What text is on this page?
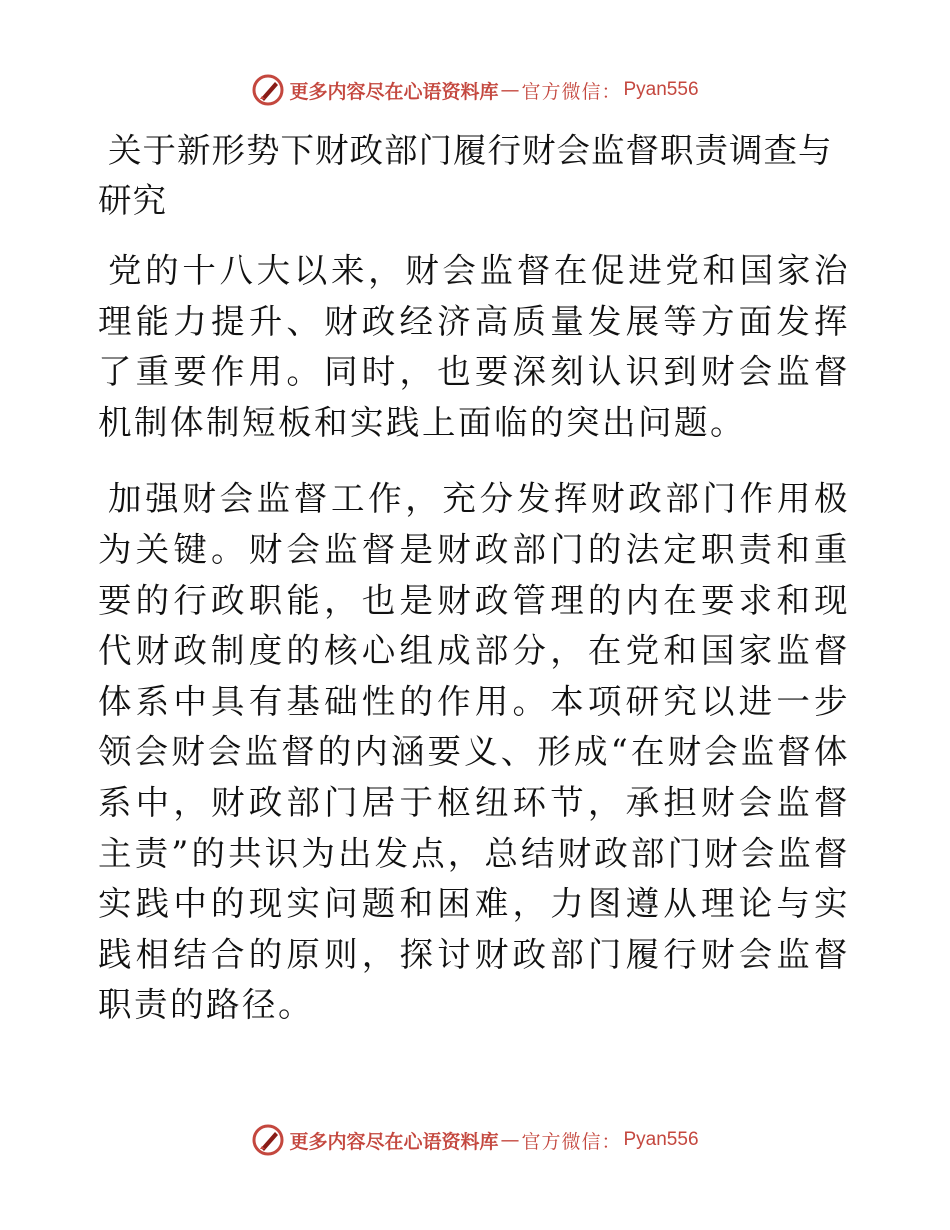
更多内容尽在心语资料库 — 官方微信： Pyan556
关于新形势下财政部门履行财会监督职责调查与研究

党的十八大以来，财会监督在促进党和国家治理能力提升、财政经济高质量发展等方面发挥了重要作用。同时，也要深刻认识到财会监督机制体制短板和实践上面临的突出问题。

加强财会监督工作，充分发挥财政部门作用极为关键。财会监督是财政部门的法定职责和重要的行政职能，也是财政管理的内在要求和现代财政制度的核心组成部分，在党和国家监督体系中具有基础性的作用。本项研究以进一步领会财会监督的内涵要义、形成“在财会监督体系中，财政部门居于枢纽环节，承担财会监督主责”的共识为出发点，总结财政部门财会监督实践中的现实问题和困难，力图遵从理论与实践相结合的原则，探讨财政部门履行财会监督职责的路径。

更多内容尽在心语资料库 — 官方微信： Pyan556
